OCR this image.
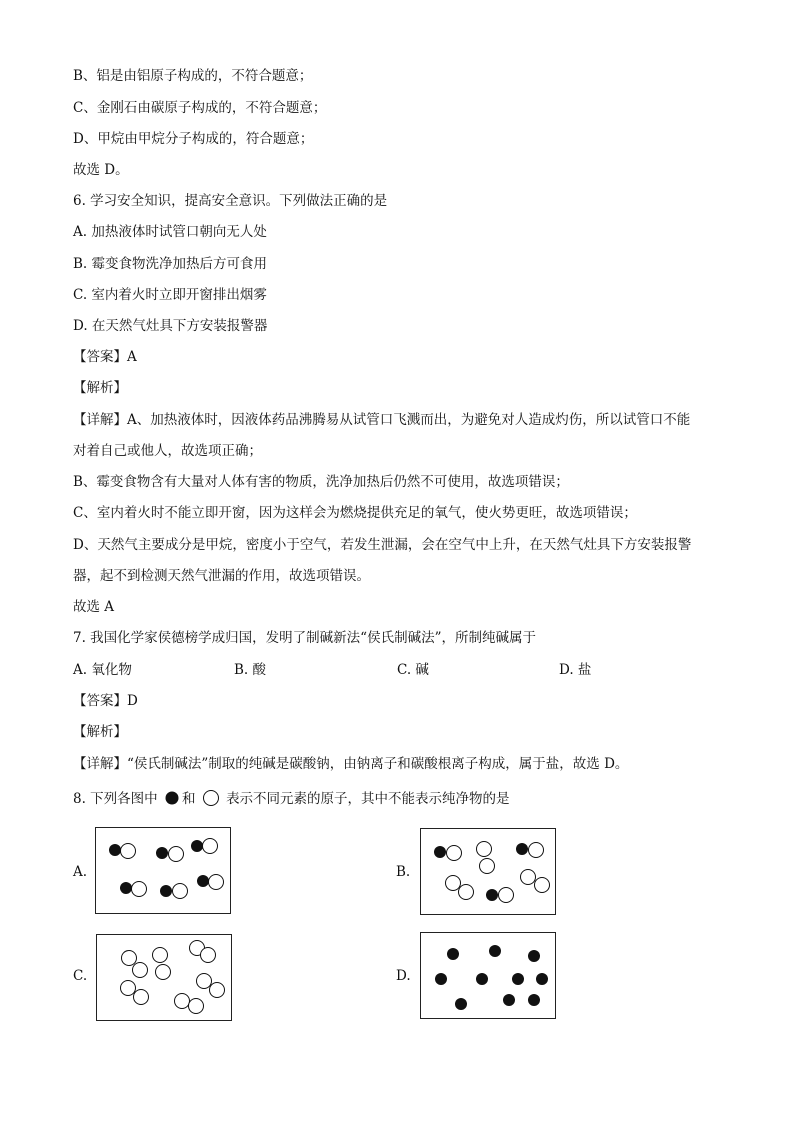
B、铝是由铝原子构成的，不符合题意；
C、金刚石由碳原子构成的，不符合题意；
D、甲烷由甲烷分子构成的，符合题意；
故选 D。
6. 学习安全知识，提高安全意识。下列做法正确的是
A. 加热液体时试管口朝向无人处
B. 霉变食物洗净加热后方可食用
C. 室内着火时立即开窗排出烟雾
D. 在天然气灶具下方安装报警器
【答案】A
【解析】
【详解】A、加热液体时，因液体药品沸腾易从试管口飞溅而出，为避免对人造成灼伤，所以试管口不能
对着自己或他人，故选项正确；
B、霉变食物含有大量对人体有害的物质，洗净加热后仍然不可使用，故选项错误；
C、室内着火时不能立即开窗，因为这样会为燃烧提供充足的氧气，使火势更旺，故选项错误；
D、天然气主要成分是甲烷，密度小于空气，若发生泄漏，会在空气中上升，在天然气灶具下方安装报警
器，起不到检测天然气泄漏的作用，故选项错误。
故选 A
7. 我国化学家侯德榜学成归国，发明了制碱新法“侯氏制碱法”，所制纯碱属于
A. 氧化物	B. 酸	C. 碱	D. 盐
【答案】D
【解析】
【详解】“侯氏制碱法”制取的纯碱是碳酸钠，由钠离子和碳酸根离子构成，属于盐，故选 D。
8. 下列各图中 和 表示不同元素的原子，其中不能表示纯净物的是
A.	B.
C.	D.
